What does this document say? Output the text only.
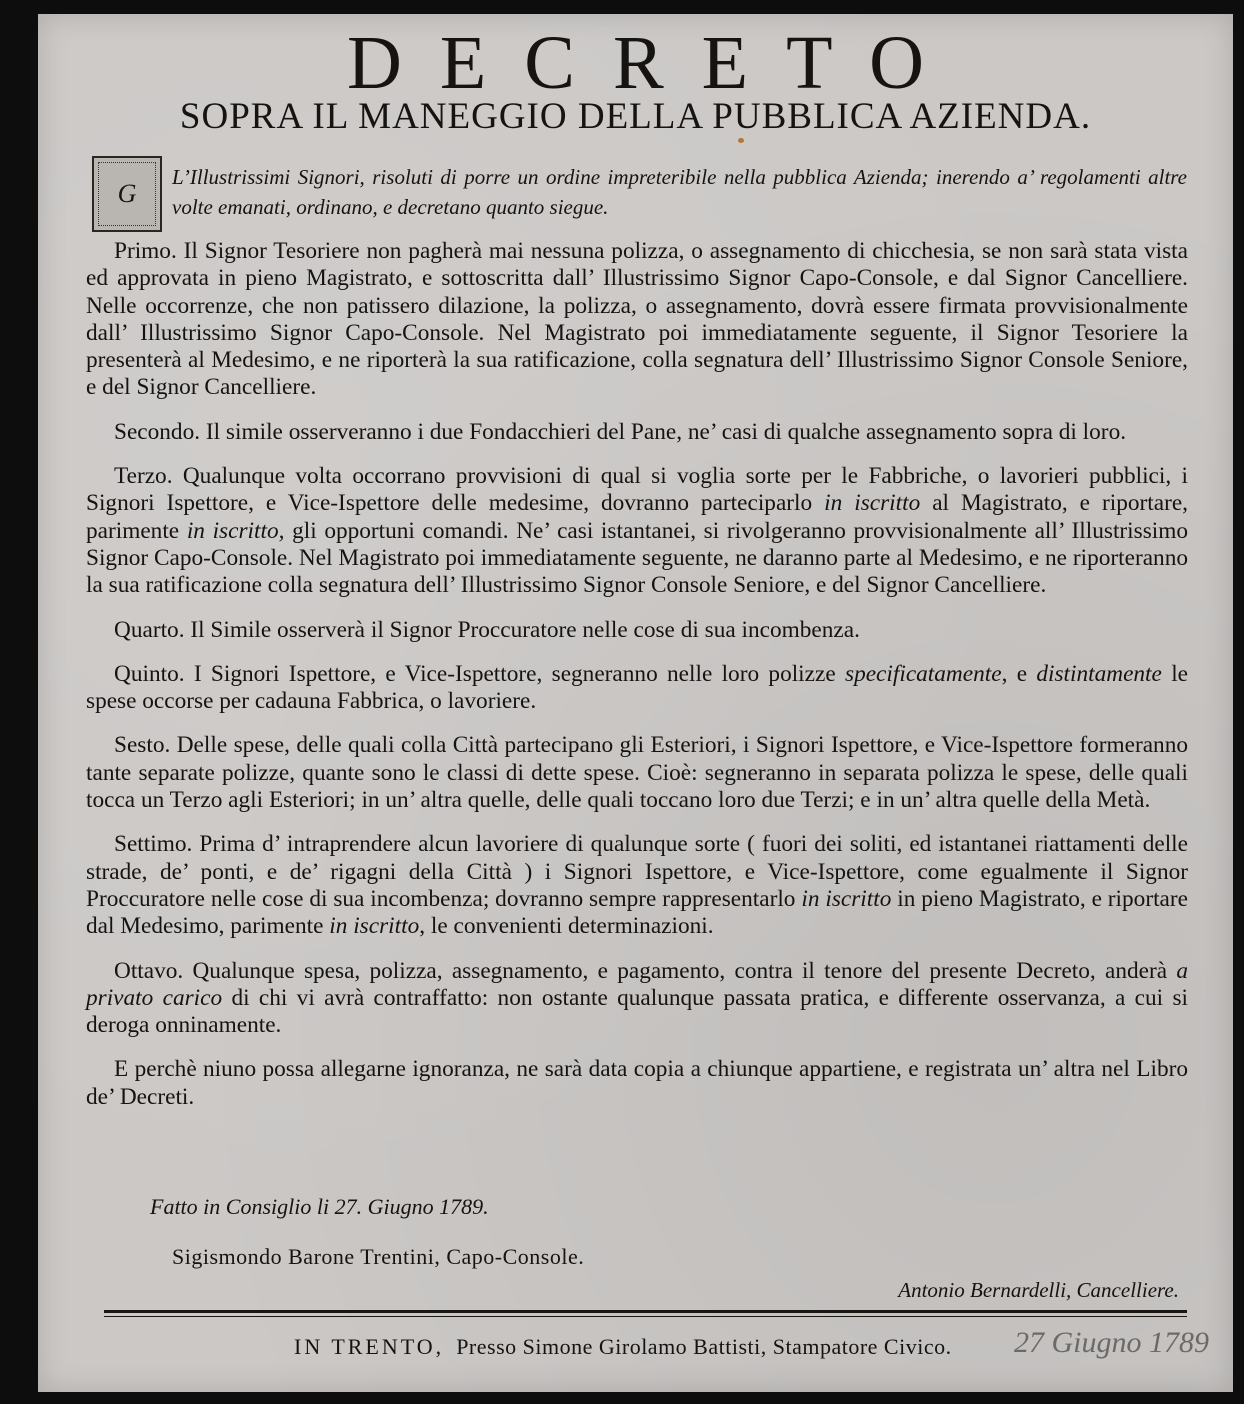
DECRETO
SOPRA IL MANEGGIO DELLA PUBBLICA AZIENDA.
G
L’Illustrissimi Signori, risoluti di porre un ordine impreteribile nella pubblica Azienda; inerendo a’ regolamenti altre volte emanati, ordinano, e decretano quanto siegue.

Primo. Il Signor Tesoriere non pagherà mai nessuna polizza, o assegnamento di chicchesia, se non sarà stata vista ed approvata in pieno Magistrato, e sottoscritta dall’ Illustrissimo Signor Capo-Console, e dal Signor Cancelliere. Nelle occorrenze, che non patissero dilazione, la polizza, o assegnamento, dovrà essere firmata provvisionalmente dall’ Illustrissimo Signor Capo-Console. Nel Magistrato poi immediatamente seguente, il Signor Tesoriere la presenterà al Medesimo, e ne riporterà la sua ratificazione, colla segnatura dell’ Illustrissimo Signor Console Seniore, e del Signor Cancelliere.

Secondo. Il simile osserveranno i due Fondacchieri del Pane, ne’ casi di qualche assegnamento sopra di loro.

Terzo. Qualunque volta occorrano provvisioni di qual si voglia sorte per le Fabbriche, o lavorieri pubblici, i Signori Ispettore, e Vice-Ispettore delle medesime, dovranno parteciparlo in iscritto al Magistrato, e riportare, parimente in iscritto, gli opportuni comandi. Ne’ casi istantanei, si rivolgeranno provvisionalmente all’ Illustrissimo Signor Capo-Console. Nel Magistrato poi immediatamente seguente, ne daranno parte al Medesimo, e ne riporteranno la sua ratificazione colla segnatura dell’ Illustrissimo Signor Console Seniore, e del Signor Cancelliere.

Quarto. Il Simile osserverà il Signor Proccuratore nelle cose di sua incombenza.

Quinto. I Signori Ispettore, e Vice-Ispettore, segneranno nelle loro polizze specificatamente, e distintamente le spese occorse per cadauna Fabbrica, o lavoriere.

Sesto. Delle spese, delle quali colla Città partecipano gli Esteriori, i Signori Ispettore, e Vice-Ispettore formeranno tante separate polizze, quante sono le classi di dette spese. Cioè: segneranno in separata polizza le spese, delle quali tocca un Terzo agli Esteriori; in un’ altra quelle, delle quali toccano loro due Terzi; e in un’ altra quelle della Metà.

Settimo. Prima d’ intraprendere alcun lavoriere di qualunque sorte ( fuori dei soliti, ed istantanei riattamenti delle strade, de’ ponti, e de’ rigagni della Città ) i Signori Ispettore, e Vice-Ispettore, come egualmente il Signor Proccuratore nelle cose di sua incombenza; dovranno sempre rappresentarlo in iscritto in pieno Magistrato, e riportare dal Medesimo, parimente in iscritto, le convenienti determinazioni.

Ottavo. Qualunque spesa, polizza, assegnamento, e pagamento, contra il tenore del presente Decreto, anderà a privato carico di chi vi avrà contraffatto: non ostante qualunque passata pratica, e differente osservanza, a cui si deroga onninamente.

E perchè niuno possa allegarne ignoranza, ne sarà data copia a chiunque appartiene, e registrata un’ altra nel Libro de’ Decreti.

Fatto in Consiglio li 27. Giugno 1789.
Sigismondo Barone Trentini, Capo-Console.
Antonio Bernardelli, Cancelliere.
IN TRENTO, Presso Simone Girolamo Battisti, Stampatore Civico. 27 Giugno 1789
